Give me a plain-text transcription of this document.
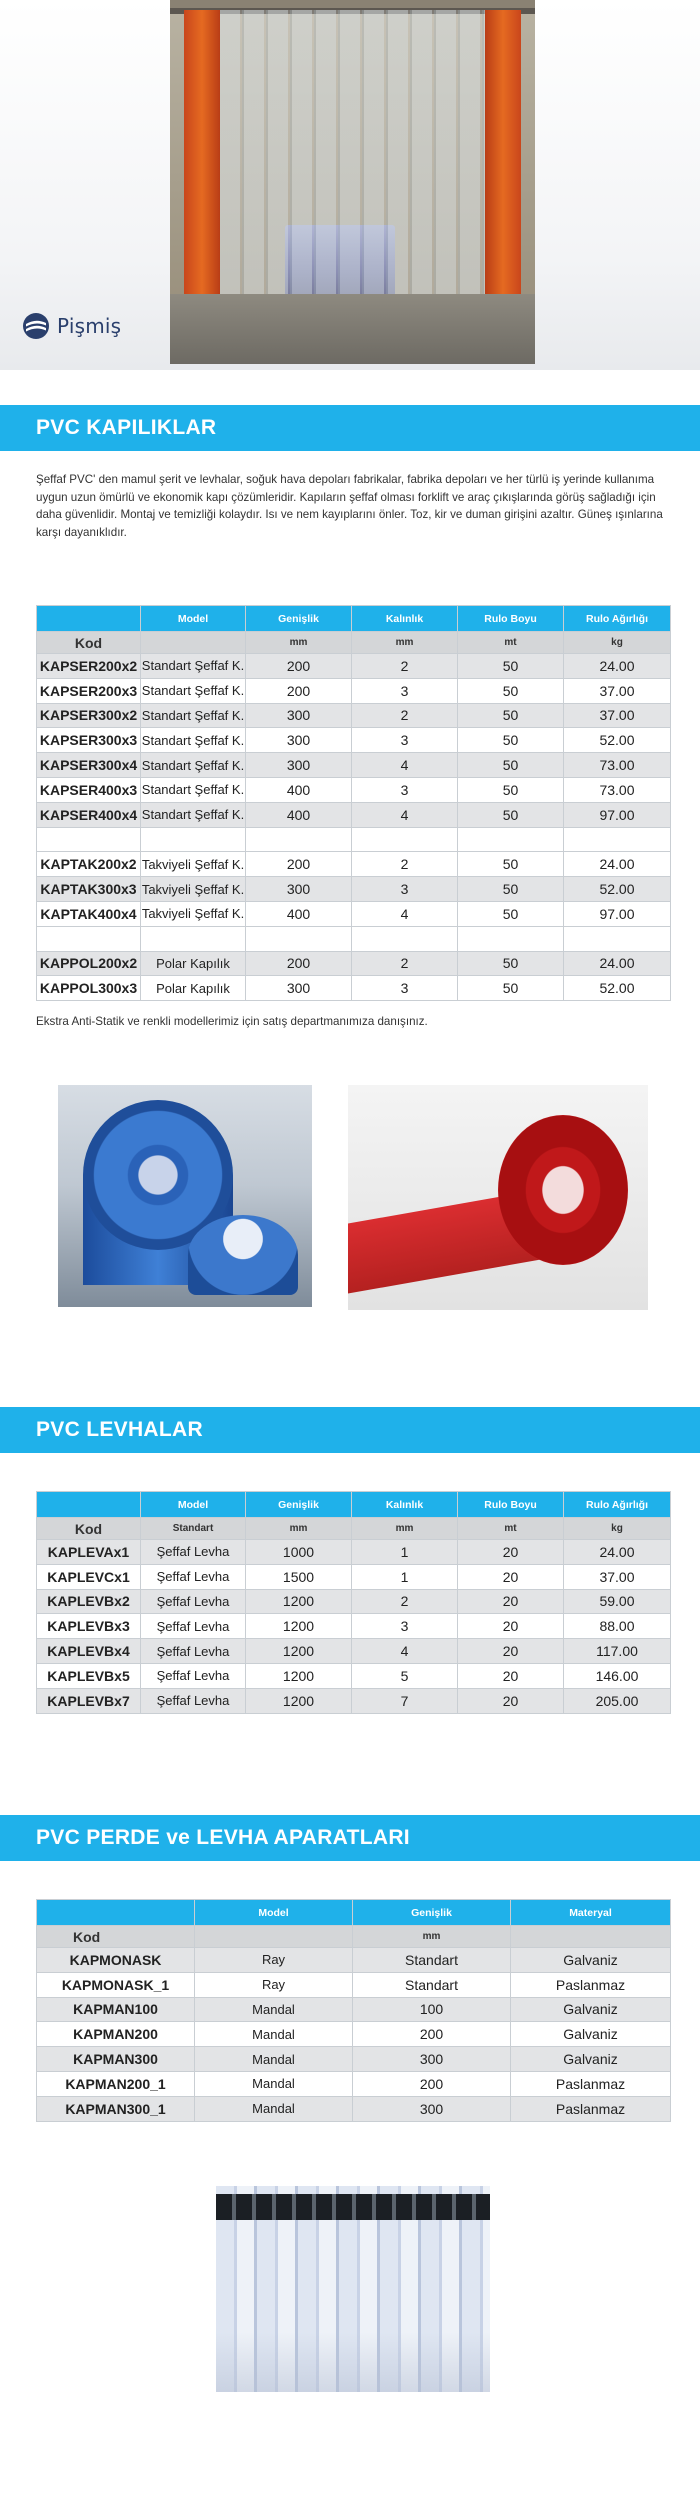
Pişmiş
PVC KAPILIKLAR

Şeffaf PVC' den mamul şerit ve levhalar, soğuk hava depoları fabrikalar, fabrika depoları ve her türlü iş yerinde kullanıma uygun uzun ömürlü ve ekonomik kapı çözümleridir. Kapıların şeffaf olması forklift ve araç çıkışlarında görüş sağladığı için daha güvenlidir. Montaj ve temizliği kolaydır. Isı ve nem kayıplarını önler. Toz, kir ve duman girişini azaltır. Güneş ışınlarına karşı dayanıklıdır.

	Model	Genişlik	Kalınlık	Rulo Boyu	Rulo Ağırlığı
Kod		mm	mm	mt	kg
KAPSER200x2	Standart Şeffaf K.	200	2	50	24.00
KAPSER200x3	Standart Şeffaf K.	200	3	50	37.00
KAPSER300x2	Standart Şeffaf K.	300	2	50	37.00
KAPSER300x3	Standart Şeffaf K.	300	3	50	52.00
KAPSER300x4	Standart Şeffaf K.	300	4	50	73.00
KAPSER400x3	Standart Şeffaf K.	400	3	50	73.00
KAPSER400x4	Standart Şeffaf K.	400	4	50	97.00

KAPTAK200x2	Takviyeli Şeffaf K.	200	2	50	24.00
KAPTAK300x3	Takviyeli Şeffaf K.	300	3	50	52.00
KAPTAK400x4	Takviyeli Şeffaf K.	400	4	50	97.00

KAPPOL200x2	Polar Kapılık	200	2	50	24.00
KAPPOL300x3	Polar Kapılık	300	3	50	52.00
Ekstra Anti-Statik ve renkli modellerimiz için satış departmanımıza danışınız.
PVC LEVHALAR
	Model	Genişlik	Kalınlık	Rulo Boyu	Rulo Ağırlığı
Kod	Standart	mm	mm	mt	kg
KAPLEVAx1	Şeffaf Levha	1000	1	20	24.00
KAPLEVCx1	Şeffaf Levha	1500	1	20	37.00
KAPLEVBx2	Şeffaf Levha	1200	2	20	59.00
KAPLEVBx3	Şeffaf Levha	1200	3	20	88.00
KAPLEVBx4	Şeffaf Levha	1200	4	20	117.00
KAPLEVBx5	Şeffaf Levha	1200	5	20	146.00
KAPLEVBx7	Şeffaf Levha	1200	7	20	205.00
PVC PERDE ve LEVHA APARATLARI
	Model	Genişlik	Materyal
Kod		mm	
KAPMONASK	Ray	Standart	Galvaniz
KAPMONASK_1	Ray	Standart	Paslanmaz
KAPMAN100	Mandal	100	Galvaniz
KAPMAN200	Mandal	200	Galvaniz
KAPMAN300	Mandal	300	Galvaniz
KAPMAN200_1	Mandal	200	Paslanmaz
KAPMAN300_1	Mandal	300	Paslanmaz
